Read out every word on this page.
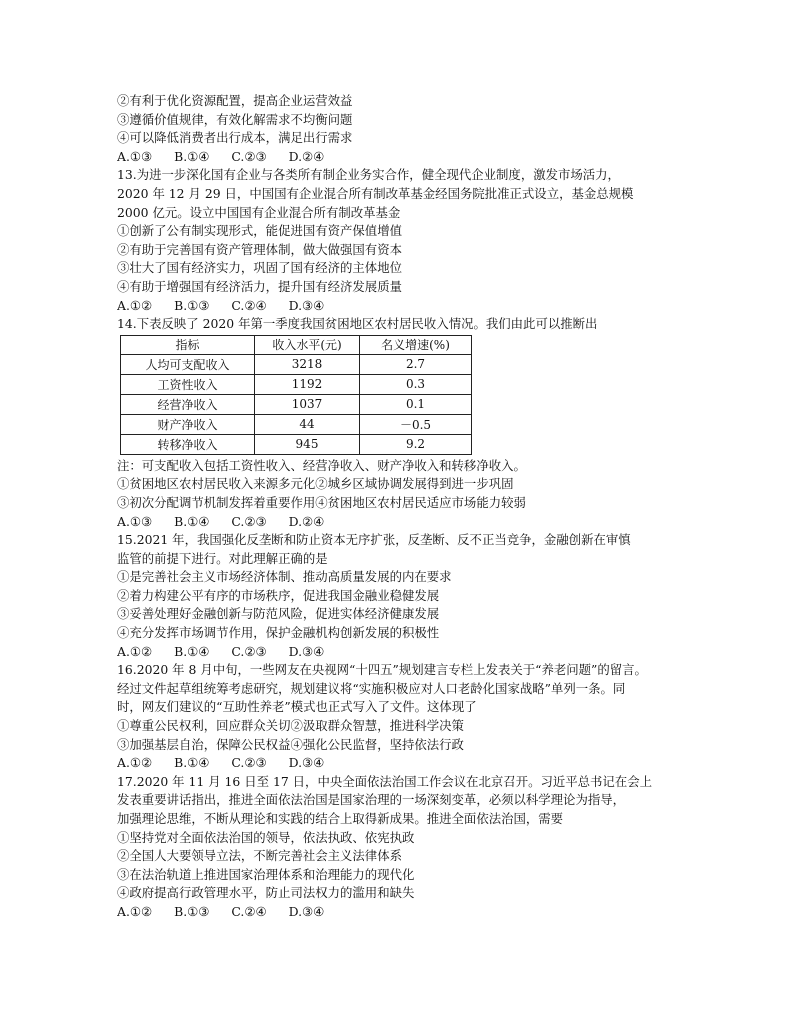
②有利于优化资源配置，提高企业运营效益
③遵循价值规律，有效化解需求不均衡问题
④可以降低消费者出行成本，满足出行需求
A.①③ B.①④ C.②③ D.②④
13.为进一步深化国有企业与各类所有制企业务实合作，健全现代企业制度，激发市场活力，
2020 年 12 月 29 日，中国国有企业混合所有制改革基金经国务院批准正式设立，基金总规模
2000 亿元。设立中国国有企业混合所有制改革基金
①创新了公有制实现形式，能促进国有资产保值增值
②有助于完善国有资产管理体制，做大做强国有资本
③壮大了国有经济实力，巩固了国有经济的主体地位
④有助于增强国有经济活力，提升国有经济发展质量
A.①② B.①③ C.②④ D.③④
14.下表反映了 2020 年第一季度我国贫困地区农村居民收入情况。我们由此可以推断出
指标	收入水平(元)	名义增速(%)
人均可支配收入	3218	2.7
工资性收入	1192	0.3
经营净收入	1037	0.1
财产净收入	44	－0.5
转移净收入	945	9.2
注：可支配收入包括工资性收入、经营净收入、财产净收入和转移净收入。
①贫困地区农村居民收入来源多元化②城乡区域协调发展得到进一步巩固
③初次分配调节机制发挥着重要作用④贫困地区农村居民适应市场能力较弱
A.①③ B.①④ C.②③ D.②④
15.2021 年，我国强化反垄断和防止资本无序扩张，反垄断、反不正当竞争，金融创新在审慎
监管的前提下进行。对此理解正确的是
①是完善社会主义市场经济体制、推动高质量发展的内在要求
②着力构建公平有序的市场秩序，促进我国金融业稳健发展
③妥善处理好金融创新与防范风险，促进实体经济健康发展
④充分发挥市场调节作用，保护金融机构创新发展的积极性
A.①② B.①④ C.②③ D.③④
16.2020 年 8 月中旬，一些网友在央视网“十四五”规划建言专栏上发表关于“养老问题”的留言。
经过文件起草组统筹考虑研究，规划建议将“实施积极应对人口老龄化国家战略”单列一条。同
时，网友们建议的“互助性养老”模式也正式写入了文件。这体现了
①尊重公民权利，回应群众关切②汲取群众智慧，推进科学决策
③加强基层自治，保障公民权益④强化公民监督，坚持依法行政
A.①② B.①④ C.②③ D.③④
17.2020 年 11 月 16 日至 17 日，中央全面依法治国工作会议在北京召开。习近平总书记在会上
发表重要讲话指出，推进全面依法治国是国家治理的一场深刻变革，必须以科学理论为指导，
加强理论思维，不断从理论和实践的结合上取得新成果。推进全面依法治国，需要
①坚持党对全面依法治国的领导，依法执政、依宪执政
②全国人大要领导立法，不断完善社会主义法律体系
③在法治轨道上推进国家治理体系和治理能力的现代化
④政府提高行政管理水平，防止司法权力的滥用和缺失
A.①② B.①③ C.②④ D.③④
